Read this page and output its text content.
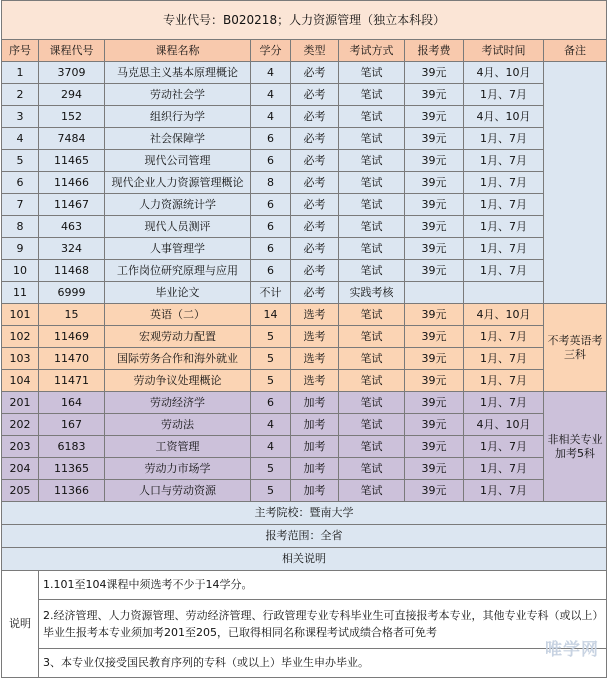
专业代号：B020218；人力资源管理（独立本科段）								
序号	课程代号	课程名称	学分	类型	考试方式	报考费	考试时间	备注
1	3709	马克思主义基本原理概论	4	必考	笔试	39元	4月、10月	
2	294	劳动社会学	4	必考	笔试	39元	1月、7月	
3	152	组织行为学	4	必考	笔试	39元	4月、10月	
4	7484	社会保障学	6	必考	笔试	39元	1月、7月	
5	11465	现代公司管理	6	必考	笔试	39元	1月、7月	
6	11466	现代企业人力资源管理概论	8	必考	笔试	39元	1月、7月	
7	11467	人力资源统计学	6	必考	笔试	39元	1月、7月	
8	463	现代人员测评	6	必考	笔试	39元	1月、7月	
9	324	人事管理学	6	必考	笔试	39元	1月、7月	
10	11468	工作岗位研究原理与应用	6	必考	笔试	39元	1月、7月	
11	6999	毕业论文	不计	必考	实践考核			
101	15	英语（二）	14	选考	笔试	39元	4月、10月	不考英语考三科
102	11469	宏观劳动力配置	5	选考	笔试	39元	1月、7月	
103	11470	国际劳务合作和海外就业	5	选考	笔试	39元	1月、7月	
104	11471	劳动争议处理概论	5	选考	笔试	39元	1月、7月	
201	164	劳动经济学	6	加考	笔试	39元	1月、7月	非相关专业加考5科
202	167	劳动法	4	加考	笔试	39元	4月、10月	
203	6183	工资管理	4	加考	笔试	39元	1月、7月	
204	11365	劳动力市场学	5	加考	笔试	39元	1月、7月	
205	11366	人口与劳动资源	5	加考	笔试	39元	1月、7月	
主考院校：暨南大学								
报考范围：全省								
相关说明								
说明	1.101至104课程中须选考不少于14学分。							
	2.经济管理、人力资源管理、劳动经济管理、行政管理专业专科毕业生可直接报考本专业，其他专业专科（或以上）毕业生报考本专业须加考201至205，已取得相同名称课程考试成绩合格者可免考							
	3、本专业仅接受国民教育序列的专科（或以上）毕业生申办毕业。								唯学网
